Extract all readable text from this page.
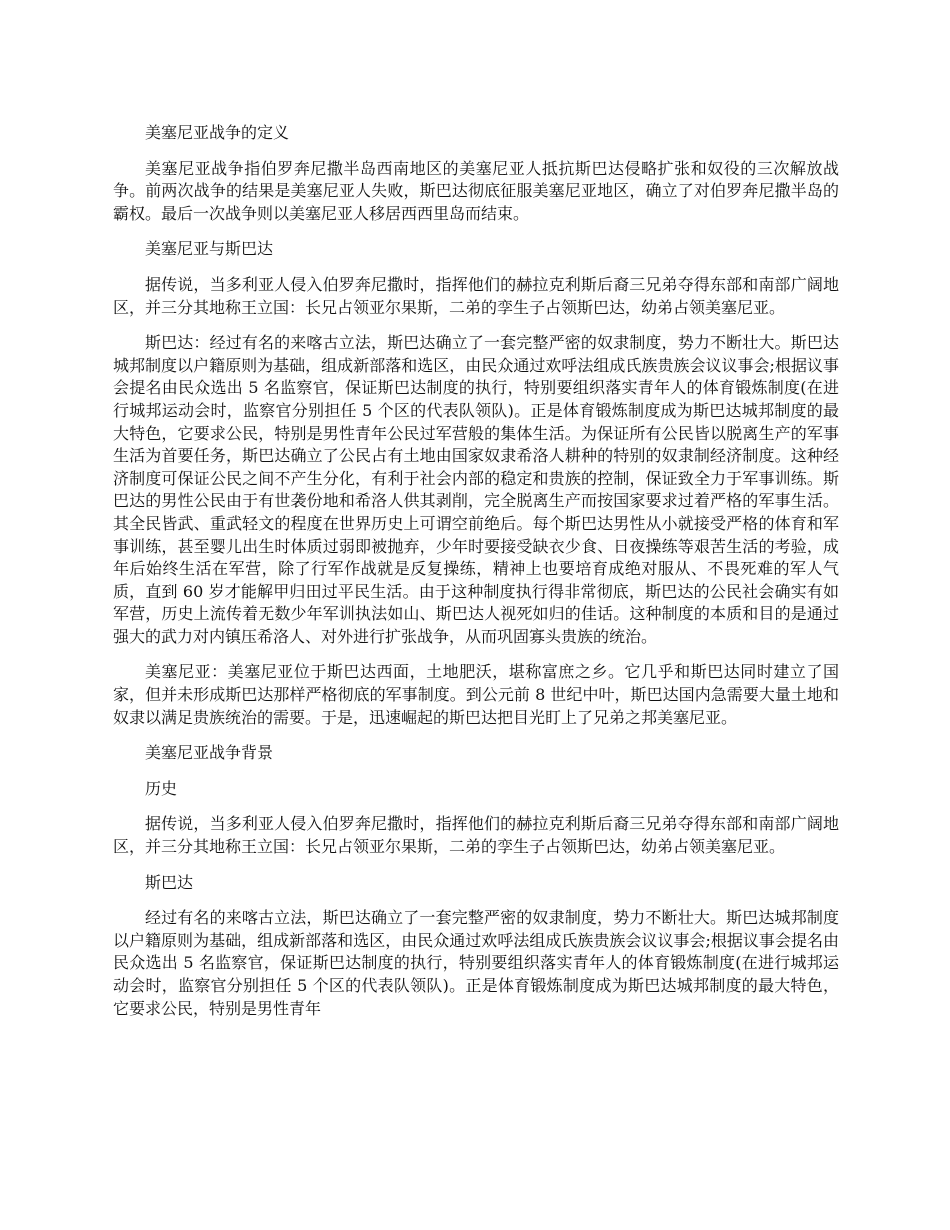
美塞尼亚战争的定义

美塞尼亚战争指伯罗奔尼撒半岛西南地区的美塞尼亚人抵抗斯巴达侵略扩张和奴役的三次解放战争。前两次战争的结果是美塞尼亚人失败，斯巴达彻底征服美塞尼亚地区，确立了对伯罗奔尼撒半岛的霸权。最后一次战争则以美塞尼亚人移居西西里岛而结束。

美塞尼亚与斯巴达

据传说，当多利亚人侵入伯罗奔尼撒时，指挥他们的赫拉克利斯后裔三兄弟夺得东部和南部广阔地区，并三分其地称王立国：长兄占领亚尔果斯，二弟的孪生子占领斯巴达，幼弟占领美塞尼亚。

斯巴达：经过有名的来喀古立法，斯巴达确立了一套完整严密的奴隶制度，势力不断壮大。斯巴达城邦制度以户籍原则为基础，组成新部落和选区，由民众通过欢呼法组成氏族贵族会议议事会;根据议事会提名由民众选出 5 名监察官，保证斯巴达制度的执行，特别要组织落实青年人的体育锻炼制度(在进行城邦运动会时，监察官分别担任 5 个区的代表队领队)。正是体育锻炼制度成为斯巴达城邦制度的最大特色，它要求公民，特别是男性青年公民过军营般的集体生活。为保证所有公民皆以脱离生产的军事生活为首要任务，斯巴达确立了公民占有土地由国家奴隶希洛人耕种的特别的奴隶制经济制度。这种经济制度可保证公民之间不产生分化，有利于社会内部的稳定和贵族的控制，保证致全力于军事训练。斯巴达的男性公民由于有世袭份地和希洛人供其剥削，完全脱离生产而按国家要求过着严格的军事生活。其全民皆武、重武轻文的程度在世界历史上可谓空前绝后。每个斯巴达男性从小就接受严格的体育和军事训练，甚至婴儿出生时体质过弱即被抛弃，少年时要接受缺衣少食、日夜操练等艰苦生活的考验，成年后始终生活在军营，除了行军作战就是反复操练，精神上也要培育成绝对服从、不畏死难的军人气质，直到 60 岁才能解甲归田过平民生活。由于这种制度执行得非常彻底，斯巴达的公民社会确实有如军营，历史上流传着无数少年军训执法如山、斯巴达人视死如归的佳话。这种制度的本质和目的是通过强大的武力对内镇压希洛人、对外进行扩张战争，从而巩固寡头贵族的统治。

美塞尼亚：美塞尼亚位于斯巴达西面，土地肥沃，堪称富庶之乡。它几乎和斯巴达同时建立了国家，但并未形成斯巴达那样严格彻底的军事制度。到公元前 8 世纪中叶，斯巴达国内急需要大量土地和奴隶以满足贵族统治的需要。于是，迅速崛起的斯巴达把目光盯上了兄弟之邦美塞尼亚。

美塞尼亚战争背景

历史

据传说，当多利亚人侵入伯罗奔尼撒时，指挥他们的赫拉克利斯后裔三兄弟夺得东部和南部广阔地区，并三分其地称王立国：长兄占领亚尔果斯，二弟的孪生子占领斯巴达，幼弟占领美塞尼亚。

斯巴达

经过有名的来喀古立法，斯巴达确立了一套完整严密的奴隶制度，势力不断壮大。斯巴达城邦制度以户籍原则为基础，组成新部落和选区，由民众通过欢呼法组成氏族贵族会议议事会;根据议事会提名由民众选出 5 名监察官，保证斯巴达制度的执行，特别要组织落实青年人的体育锻炼制度(在进行城邦运动会时，监察官分别担任 5 个区的代表队领队)。正是体育锻炼制度成为斯巴达城邦制度的最大特色，它要求公民，特别是男性青年
